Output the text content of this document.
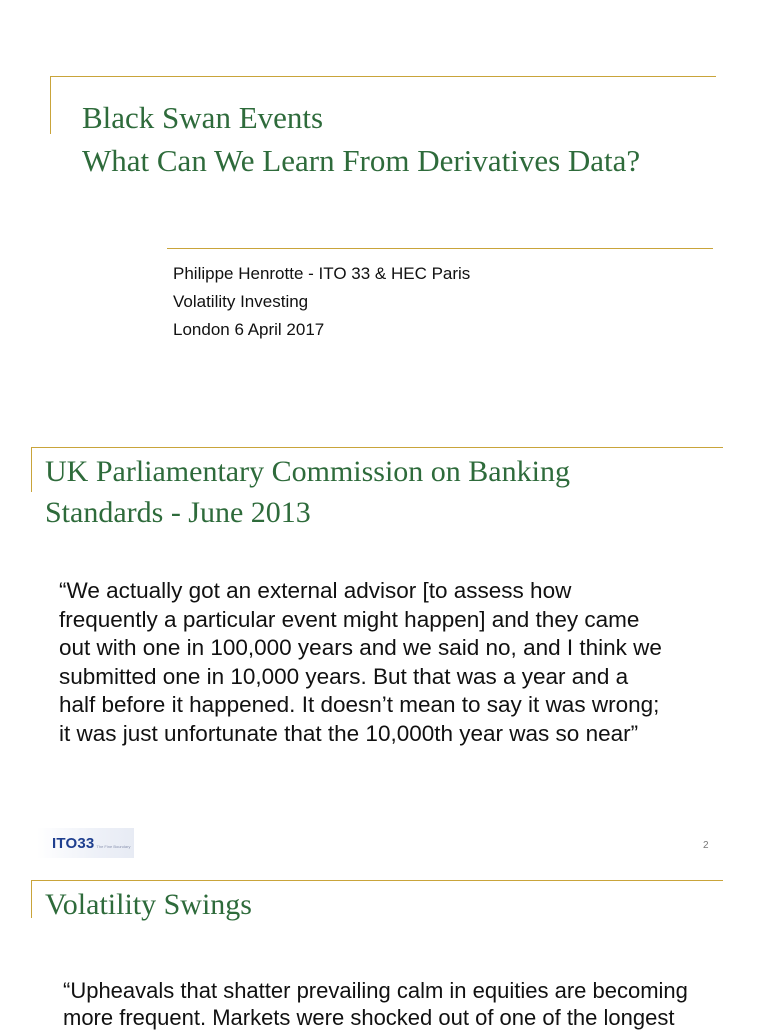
Black Swan Events
What Can We Learn From Derivatives Data?
Philippe Henrotte - ITO 33 & HEC Paris
Volatility Investing
London 6 April 2017
UK Parliamentary Commission on Banking
Standards - June 2013
“We actually got an external advisor [to assess how
frequently a particular event might happen] and they came
out with one in 100,000 years and we said no, and I think we
submitted one in 10,000 years. But that was a year and a
half before it happened. It doesn’t mean to say it was wrong;
it was just unfortunate that the 10,000th year was so near”
ITO33 The Fine Boundary	2
Volatility Swings
“Upheavals that shatter prevailing calm in equities are becoming
more frequent. Markets were shocked out of one of the longest
